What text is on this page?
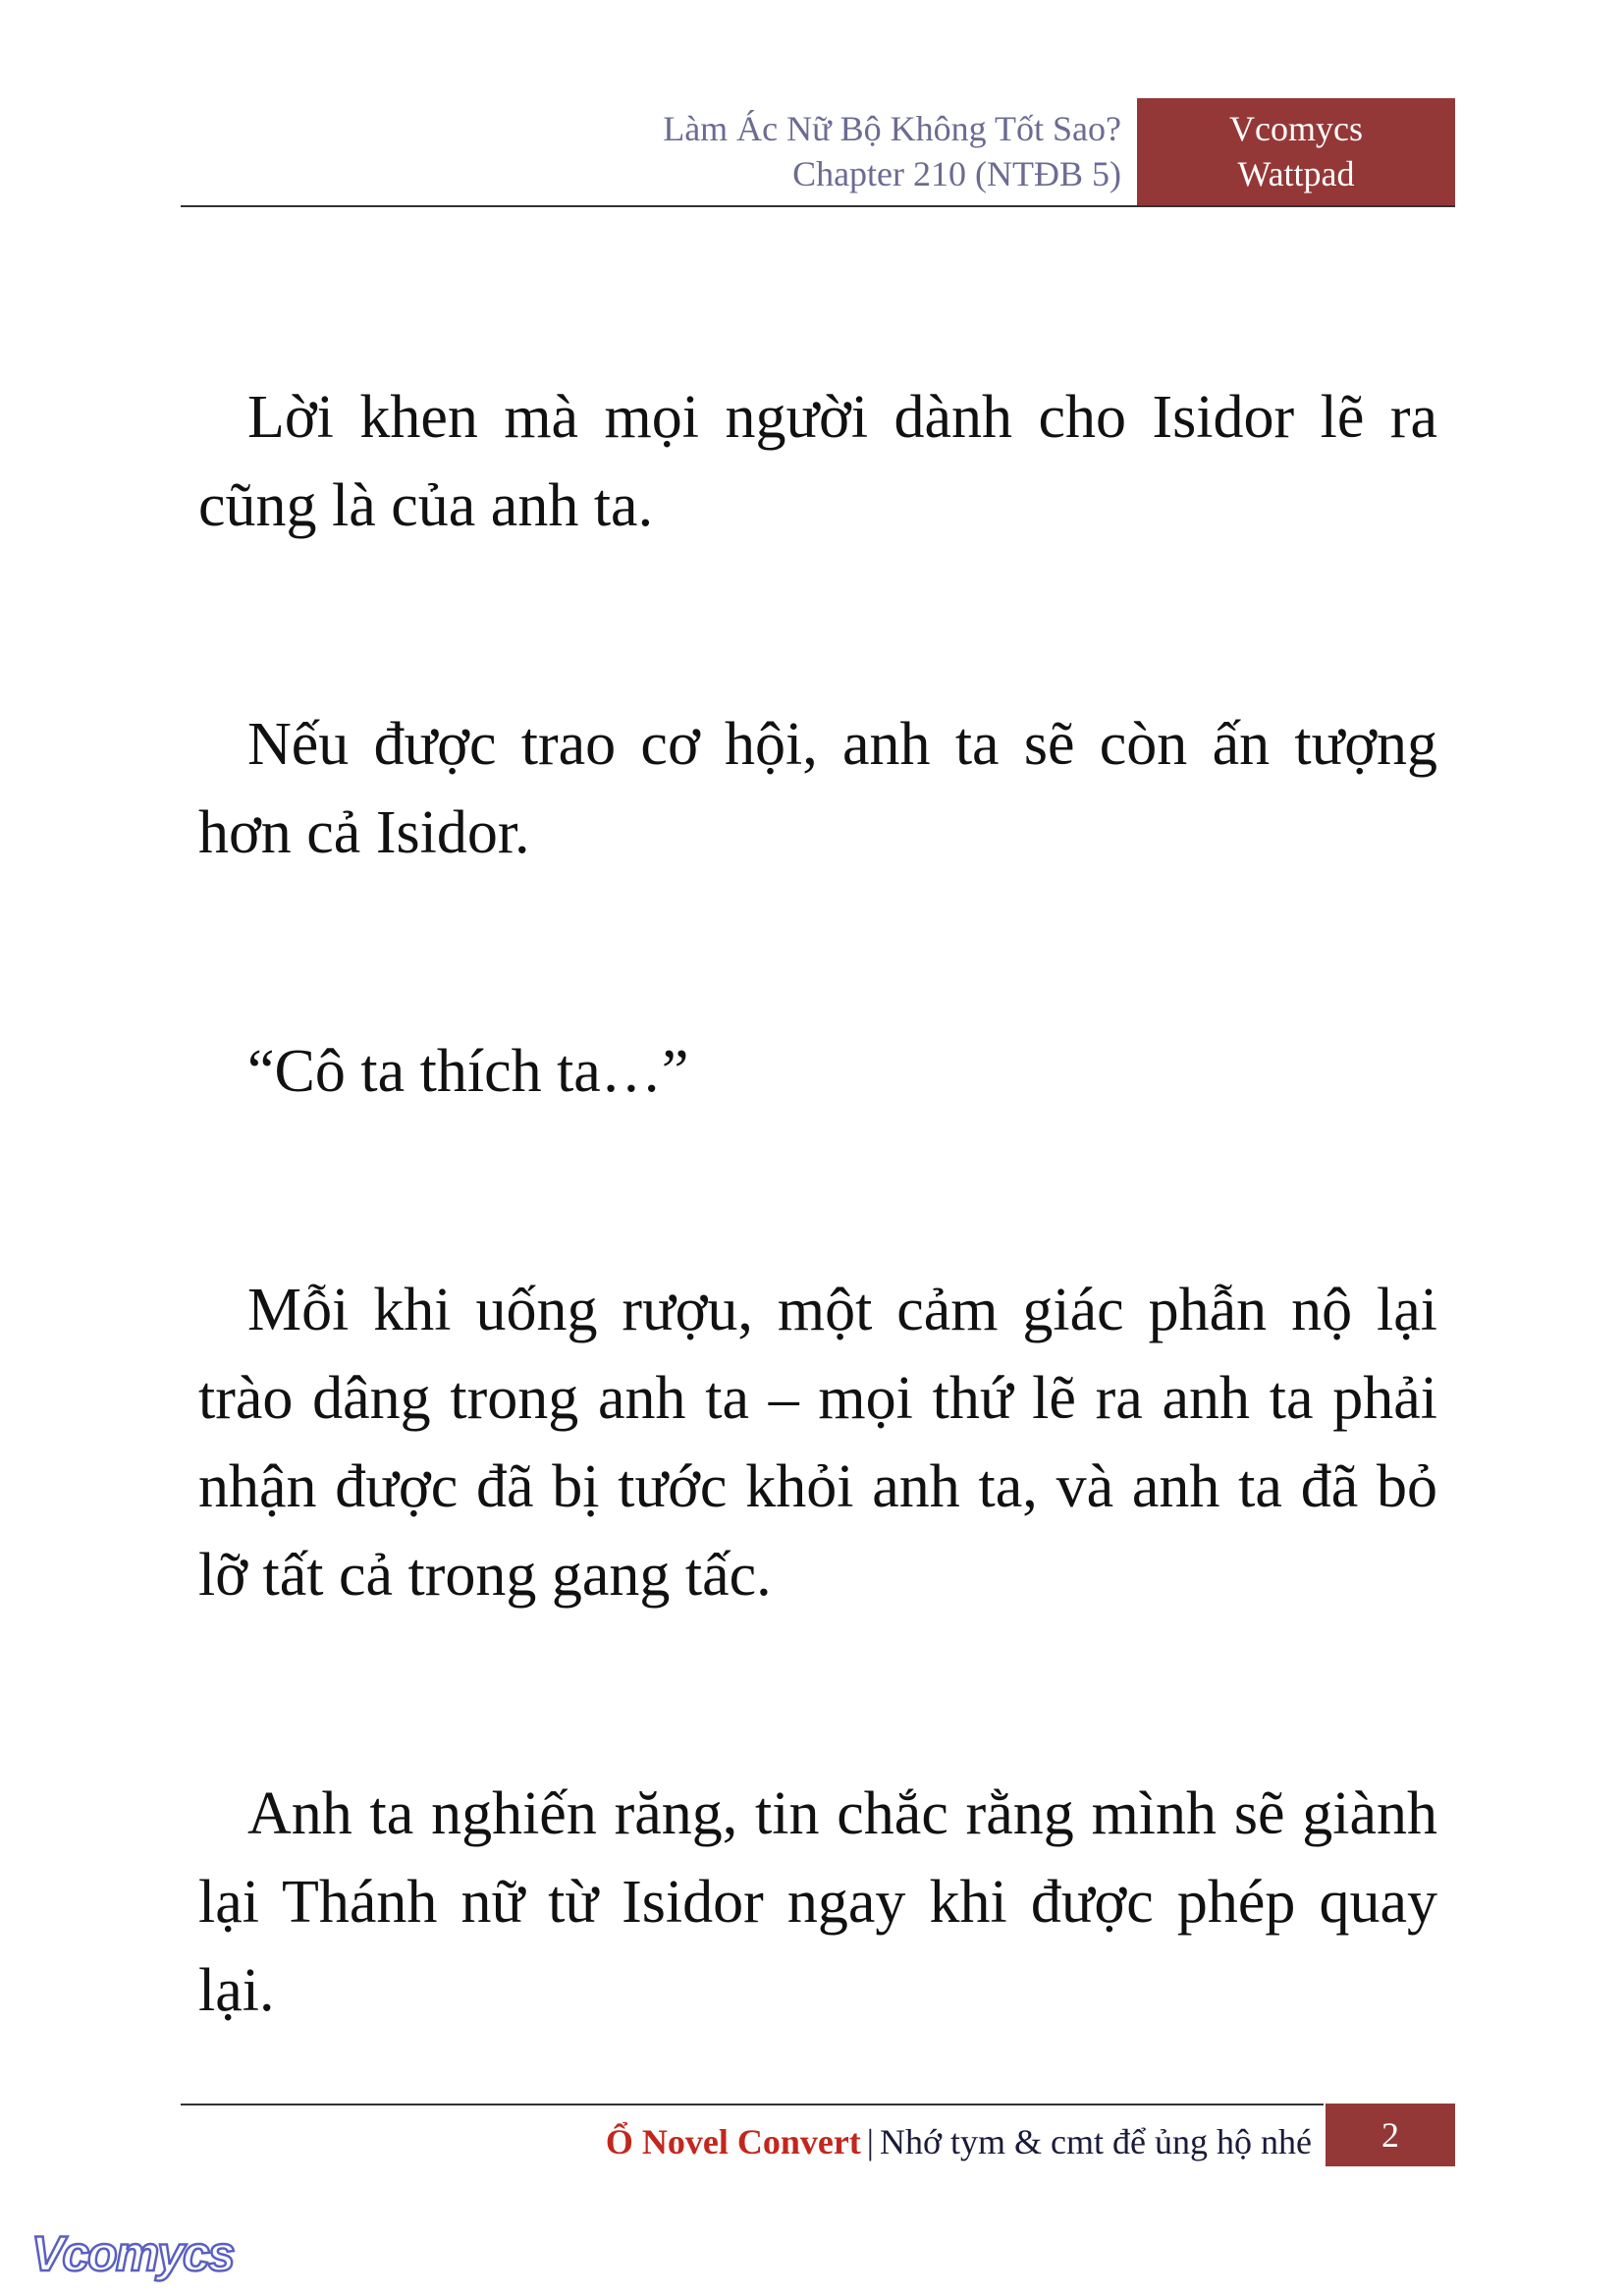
Làm Ác Nữ Bộ Không Tốt Sao?
Chapter 210 (NTĐB 5)
Vcomycs
Wattpad

Lời khen mà mọi người dành cho Isidor lẽ ra cũng là của anh ta.

Nếu được trao cơ hội, anh ta sẽ còn ấn tượng hơn cả Isidor.

“Cô ta thích ta…”

Mỗi khi uống rượu, một cảm giác phẫn nộ lại trào dâng trong anh ta – mọi thứ lẽ ra anh ta phải nhận được đã bị tước khỏi anh ta, và anh ta đã bỏ lỡ tất cả trong gang tấc.

Anh ta nghiến răng, tin chắc rằng mình sẽ giành lại Thánh nữ từ Isidor ngay khi được phép quay lại.

Ổ Novel Convert | Nhớ tym & cmt để ủng hộ nhé	2
Vcomycs
